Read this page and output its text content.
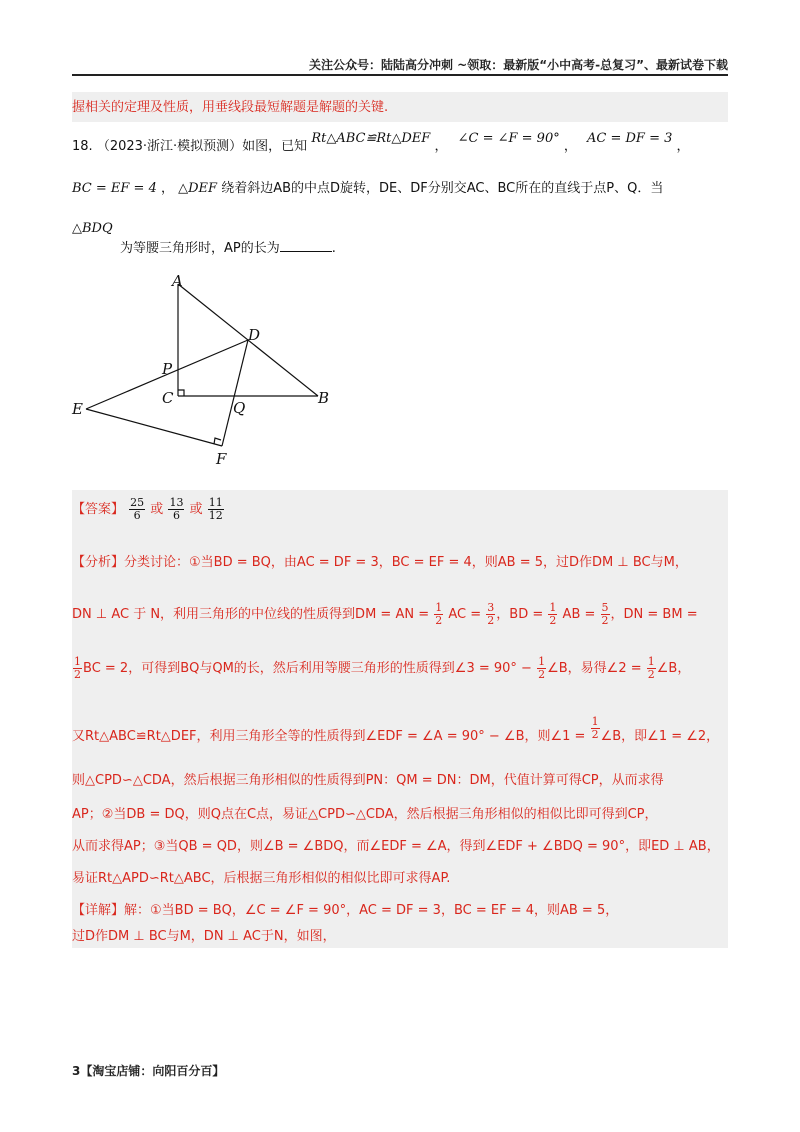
关注公众号：陆陆高分冲刺 ~领取：最新版“小中高考-总复习”、最新试卷下载
握相关的定理及性质，用垂线段最短解题是解题的关键.
18. （2023·浙江·模拟预测）如图，已知 Rt△ABC≌Rt△DEF ， ∠C = ∠F = 90° ， AC = DF = 3 ，
BC = EF = 4 ， △DEF 绕着斜边AB的中点D旋转，DE、DF分别交AC、BC所在的直线于点P、Q．当
△BDQ
为等腰三角形时，AP的长为	.
A
D
P
C
Q
B
E
F
【答案】 $\frac{25}{6}$ 或 $\frac{13}{6}$ 或 $\frac{11}{12}$
【分析】分类讨论：①当BD = BQ，由AC = DF = 3，BC = EF = 4，则AB = 5，过D作DM ⊥ BC与M，
DN ⊥ AC 于 N，利用三角形的中位线的性质得到DM = AN = $\frac{1}{2}$ AC = $\frac{3}{2}$ ，BD = $\frac{1}{2}$ AB = $\frac{5}{2}$ ，DN = BM =
$\frac{1}{2}$ BC = 2，可得到BQ与QM的长，然后利用等腰三角形的性质得到∠3 = $90^\circ - \frac{1}{2}$ ∠B，易得∠2 = $\frac{1}{2}$ ∠B，
又Rt△ABC≌Rt△DEF，利用三角形全等的性质得到∠EDF = ∠A = 90° − ∠B，则∠1 = $\frac{1}{2}$ ∠B，即∠1 = ∠2，
则△CPD∽△CDA，然后根据三角形相似的性质得到PN：QM = DN：DM，代值计算可得CP，从而求得
AP；②当DB = DQ，则Q点在C点，易证△CPD∽△CDA，然后根据三角形相似的相似比即可得到CP，
从而求得AP；③当QB = QD，则∠B = ∠BDQ，而∠EDF = ∠A，得到∠EDF + ∠BDQ = 90°，即ED ⊥ AB，
易证Rt△APD∽Rt△ABC，后根据三角形相似的相似比即可求得AP.
【详解】解：①当BD = BQ，∠C = ∠F = 90°，AC = DF = 3，BC = EF = 4，则AB = 5，
过D作DM ⊥ BC与M，DN ⊥ AC于N，如图，
3【淘宝店铺：向阳百分百】
